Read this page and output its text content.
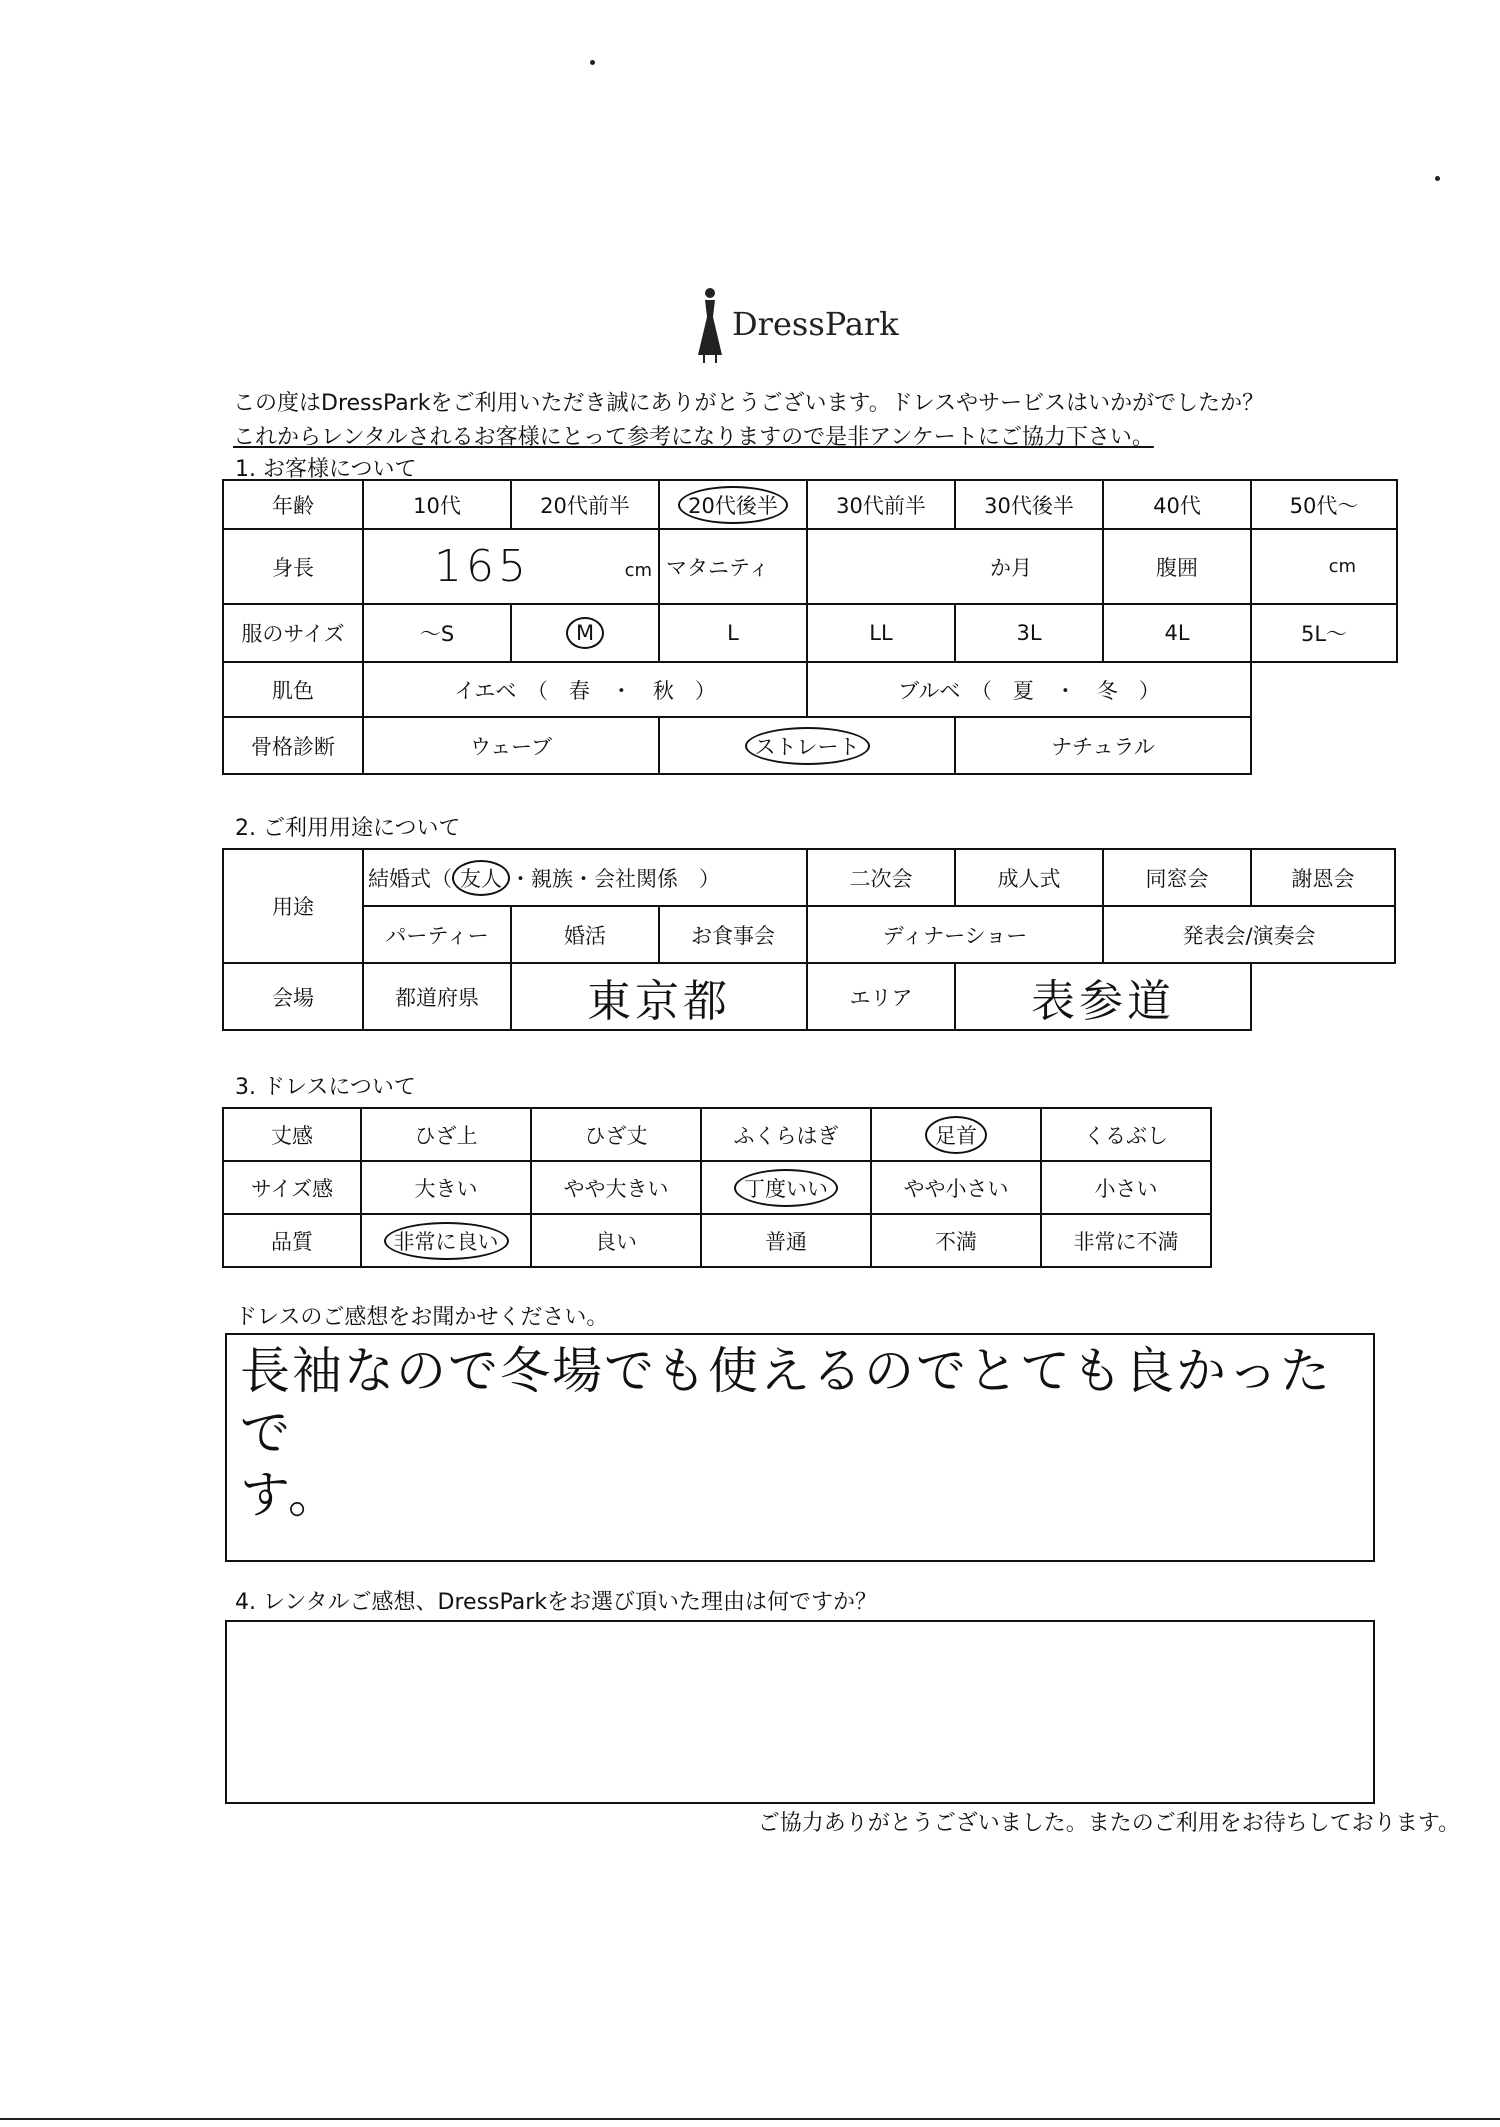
DressPark
この度はDressParkをご利用いただき誠にありがとうございます。ドレスやサービスはいかがでしたか？
これからレンタルされるお客様にとって参考になりますので是非アンケートにご協力下さい。
1. お客様について
年齢	10代	20代前半	20代後半	30代前半	30代後半	40代	50代〜
身長	165 cm		マタニティ	か月		腹囲	cm
服のサイズ	〜S	M	L	LL	3L	4L	5L〜
肌色	イエベ　（　春　・　秋　）			ブルベ　（　夏　・　冬　）			
骨格診断	ウェーブ		ストレート		ナチュラル		
2. ご利用用途について
用途	結婚式（ 友人 ・親族・会社関係　）			二次会	成人式	同窓会	謝恩会
	パーティー	婚活	お食事会	ディナーショー		発表会/演奏会	
会場	都道府県	東京都		エリア	表参道		
3. ドレスについて
丈感	ひざ上	ひざ丈	ふくらはぎ	足首	くるぶし
サイズ感	大きい	やや大きい	丁度いい	やや小さい	小さい
品質	非常に良い	良い	普通	不満	非常に不満
ドレスのご感想をお聞かせください。
長袖なので冬場でも使えるのでとても良かったで
す。
4. レンタルご感想、DressParkをお選び頂いた理由は何ですか？
ご協力ありがとうございました。またのご利用をお待ちしております。
